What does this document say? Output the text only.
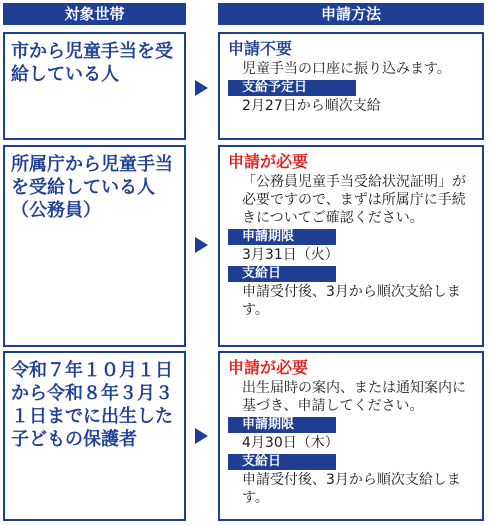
対象世帯	申請方法
市から児童手当を受給している人
申請不要
児童手当の口座に振り込みます。
支給予定日
2月27日から順次支給
所属庁から児童手当を受給している人（公務員）
申請が必要
「公務員児童手当受給状況証明」が必要ですので、まずは所属庁に手続きについてご確認ください。
申請期限
3月31日（火）
支給日
申請受付後、3月から順次支給します。
令和７年１０月１日から令和８年３月３１日までに出生した子どもの保護者
申請が必要
出生届時の案内、または通知案内に基づき、申請してください。
申請期限
4月30日（木）
支給日
申請受付後、3月から順次支給します。
